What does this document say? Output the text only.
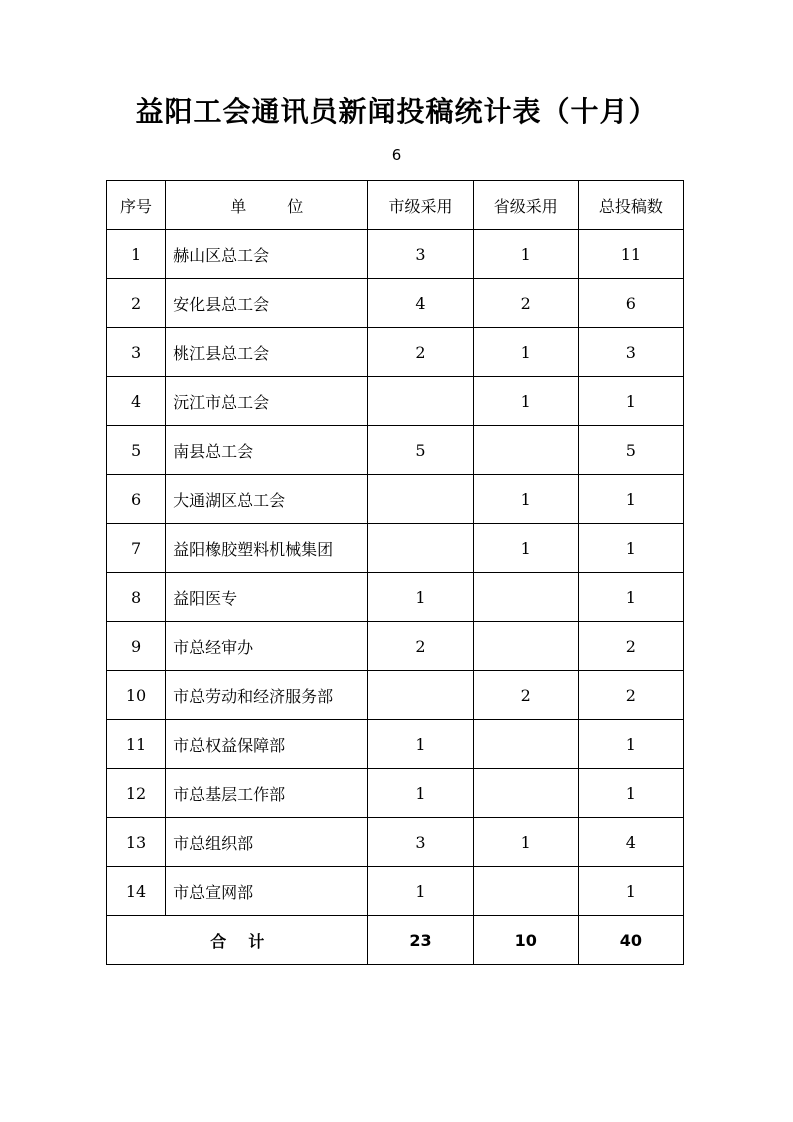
益阳工会通讯员新闻投稿统计表（十月）
6
序号	单 位	市级采用	省级采用	总投稿数
1	赫山区总工会	3	1	11
2	安化县总工会	4	2	6
3	桃江县总工会	2	1	3
4	沅江市总工会		1	1
5	南县总工会	5		5
6	大通湖区总工会		1	1
7	益阳橡胶塑料机械集团		1	1
8	益阳医专	1		1
9	市总经审办	2		2
10	市总劳动和经济服务部		2	2
11	市总权益保障部	1		1
12	市总基层工作部	1		1
13	市总组织部	3	1	4
14	市总宣网部	1		1
合计		23	10	40
